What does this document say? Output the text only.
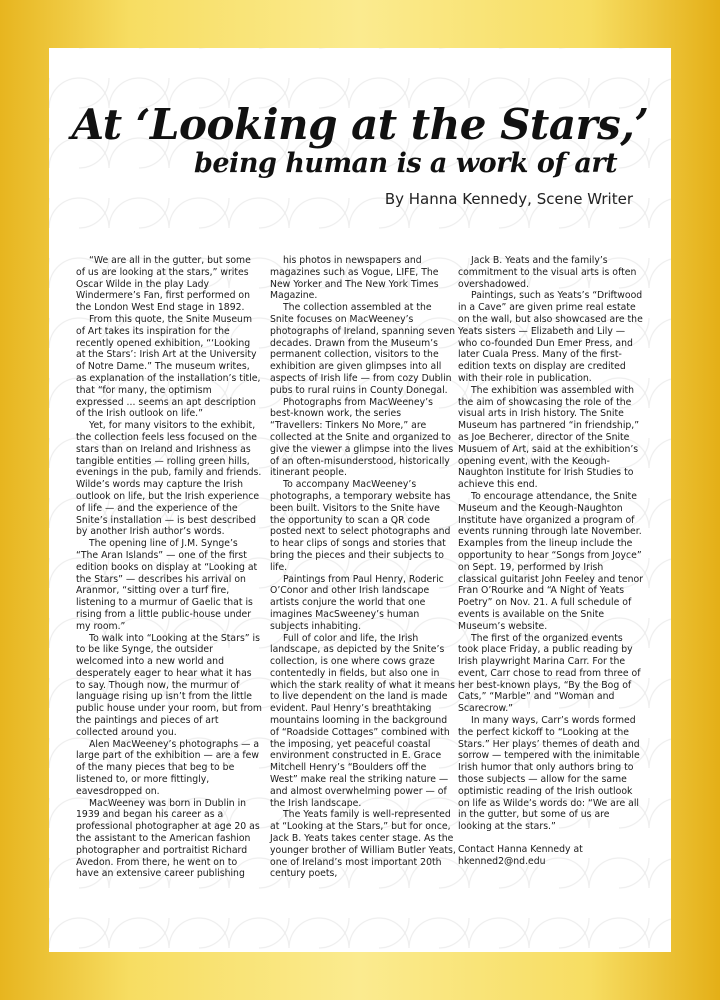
At ‘Looking at the Stars,’
being human is a work of art
By Hanna Kennedy, Scene Writer

“We are all in the gutter, but some of us are looking at the stars,” writes Oscar Wilde in the play Lady Windermere’s Fan, first performed on the London West End stage in 1892.

From this quote, the Snite Museum of Art takes its inspiration for the recently opened exhibition, “‘Looking at the Stars’: Irish Art at the University of Notre Dame.” The museum writes, as explanation of the installation’s title, that “for many, the optimism expressed ... seems an apt description of the Irish outlook on life.”

Yet, for many visitors to the exhibit, the collection feels less focused on the stars than on Ireland and Irishness as tangible entities — rolling green hills, evenings in the pub, family and friends. Wilde’s words may capture the Irish outlook on life, but the Irish experience of life — and the experience of the Snite’s installation — is best described by another Irish author’s words.

The opening line of J.M. Synge’s “The Aran Islands” — one of the first edition books on display at “Looking at the Stars” — describes his arrival on Aranmor, “sitting over a turf fire, listening to a murmur of Gaelic that is rising from a little public-house under my room.”

To walk into “Looking at the Stars” is to be like Synge, the outsider welcomed into a new world and desperately eager to hear what it has to say. Though now, the murmur of language rising up isn’t from the little public house under your room, but from the paintings and pieces of art collected around you.

Alen MacWeeney’s photographs — a large part of the exhibition — are a few of the many pieces that beg to be listened to, or more fittingly, eavesdropped on.

MacWeeney was born in Dublin in 1939 and began his career as a professional photographer at age 20 as the assistant to the American fashion photographer and portraitist Richard Avedon. From there, he went on to have an extensive career publishing

his photos in newspapers and magazines such as Vogue, LIFE, The New Yorker and The New York Times Magazine.

The collection assembled at the Snite focuses on MacWeeney’s photographs of Ireland, spanning seven decades. Drawn from the Museum’s permanent collection, visitors to the exhibition are given glimpses into all aspects of Irish life — from cozy Dublin pubs to rural ruins in County Donegal.

Photographs from MacWeeney’s best-known work, the series “Travellers: Tinkers No More,” are collected at the Snite and organized to give the viewer a glimpse into the lives of an often-misunderstood, historically itinerant people.

To accompany MacWeeney’s photographs, a temporary website has been built. Visitors to the Snite have the opportunity to scan a QR code posted next to select photographs and to hear clips of songs and stories that bring the pieces and their subjects to life.

Paintings from Paul Henry, Roderic O’Conor and other Irish landscape artists conjure the world that one imagines MacSweeney’s human subjects inhabiting.

Full of color and life, the Irish landscape, as depicted by the Snite’s collection, is one where cows graze contentedly in fields, but also one in which the stark reality of what it means to live dependent on the land is made evident. Paul Henry’s breathtaking mountains looming in the background of “Roadside Cottages” combined with the imposing, yet peaceful coastal environment constructed in E. Grace Mitchell Henry’s “Boulders off the West” make real the striking nature — and almost overwhelming power — of the Irish landscape.

The Yeats family is well-represented at “Looking at the Stars,” but for once, Jack B. Yeats takes center stage. As the younger brother of William Butler Yeats, one of Ireland’s most important 20th century poets,

Jack B. Yeats and the family’s commitment to the visual arts is often overshadowed.

Paintings, such as Yeats’s “Driftwood in a Cave” are given prime real estate on the wall, but also showcased are the Yeats sisters — Elizabeth and Lily — who co-founded Dun Emer Press, and later Cuala Press. Many of the first-edition texts on display are credited with their role in publication.

The exhibition was assembled with the aim of showcasing the role of the visual arts in Irish history. The Snite Museum has partnered “in friendship,” as Joe Becherer, director of the Snite Musuem of Art, said at the exhibition’s opening event, with the Keough-Naughton Institute for Irish Studies to achieve this end.

To encourage attendance, the Snite Museum and the Keough-Naughton Institute have organized a program of events running through late November. Examples from the lineup include the opportunity to hear “Songs from Joyce” on Sept. 19, performed by Irish classical guitarist John Feeley and tenor Fran O’Rourke and “A Night of Yeats Poetry” on Nov. 21. A full schedule of events is available on the Snite Museum’s website.

The first of the organized events took place Friday, a public reading by Irish playwright Marina Carr. For the event, Carr chose to read from three of her best-known plays, “By the Bog of Cats,” “Marble” and “Woman and Scarecrow.”

In many ways, Carr’s words formed the perfect kickoff to “Looking at the Stars.” Her plays’ themes of death and sorrow — tempered with the inimitable Irish humor that only authors bring to those subjects — allow for the same optimistic reading of the Irish outlook on life as Wilde’s words do: “We are all in the gutter, but some of us are looking at the stars.”

Contact Hanna Kennedy at
hkenned2@nd.edu
